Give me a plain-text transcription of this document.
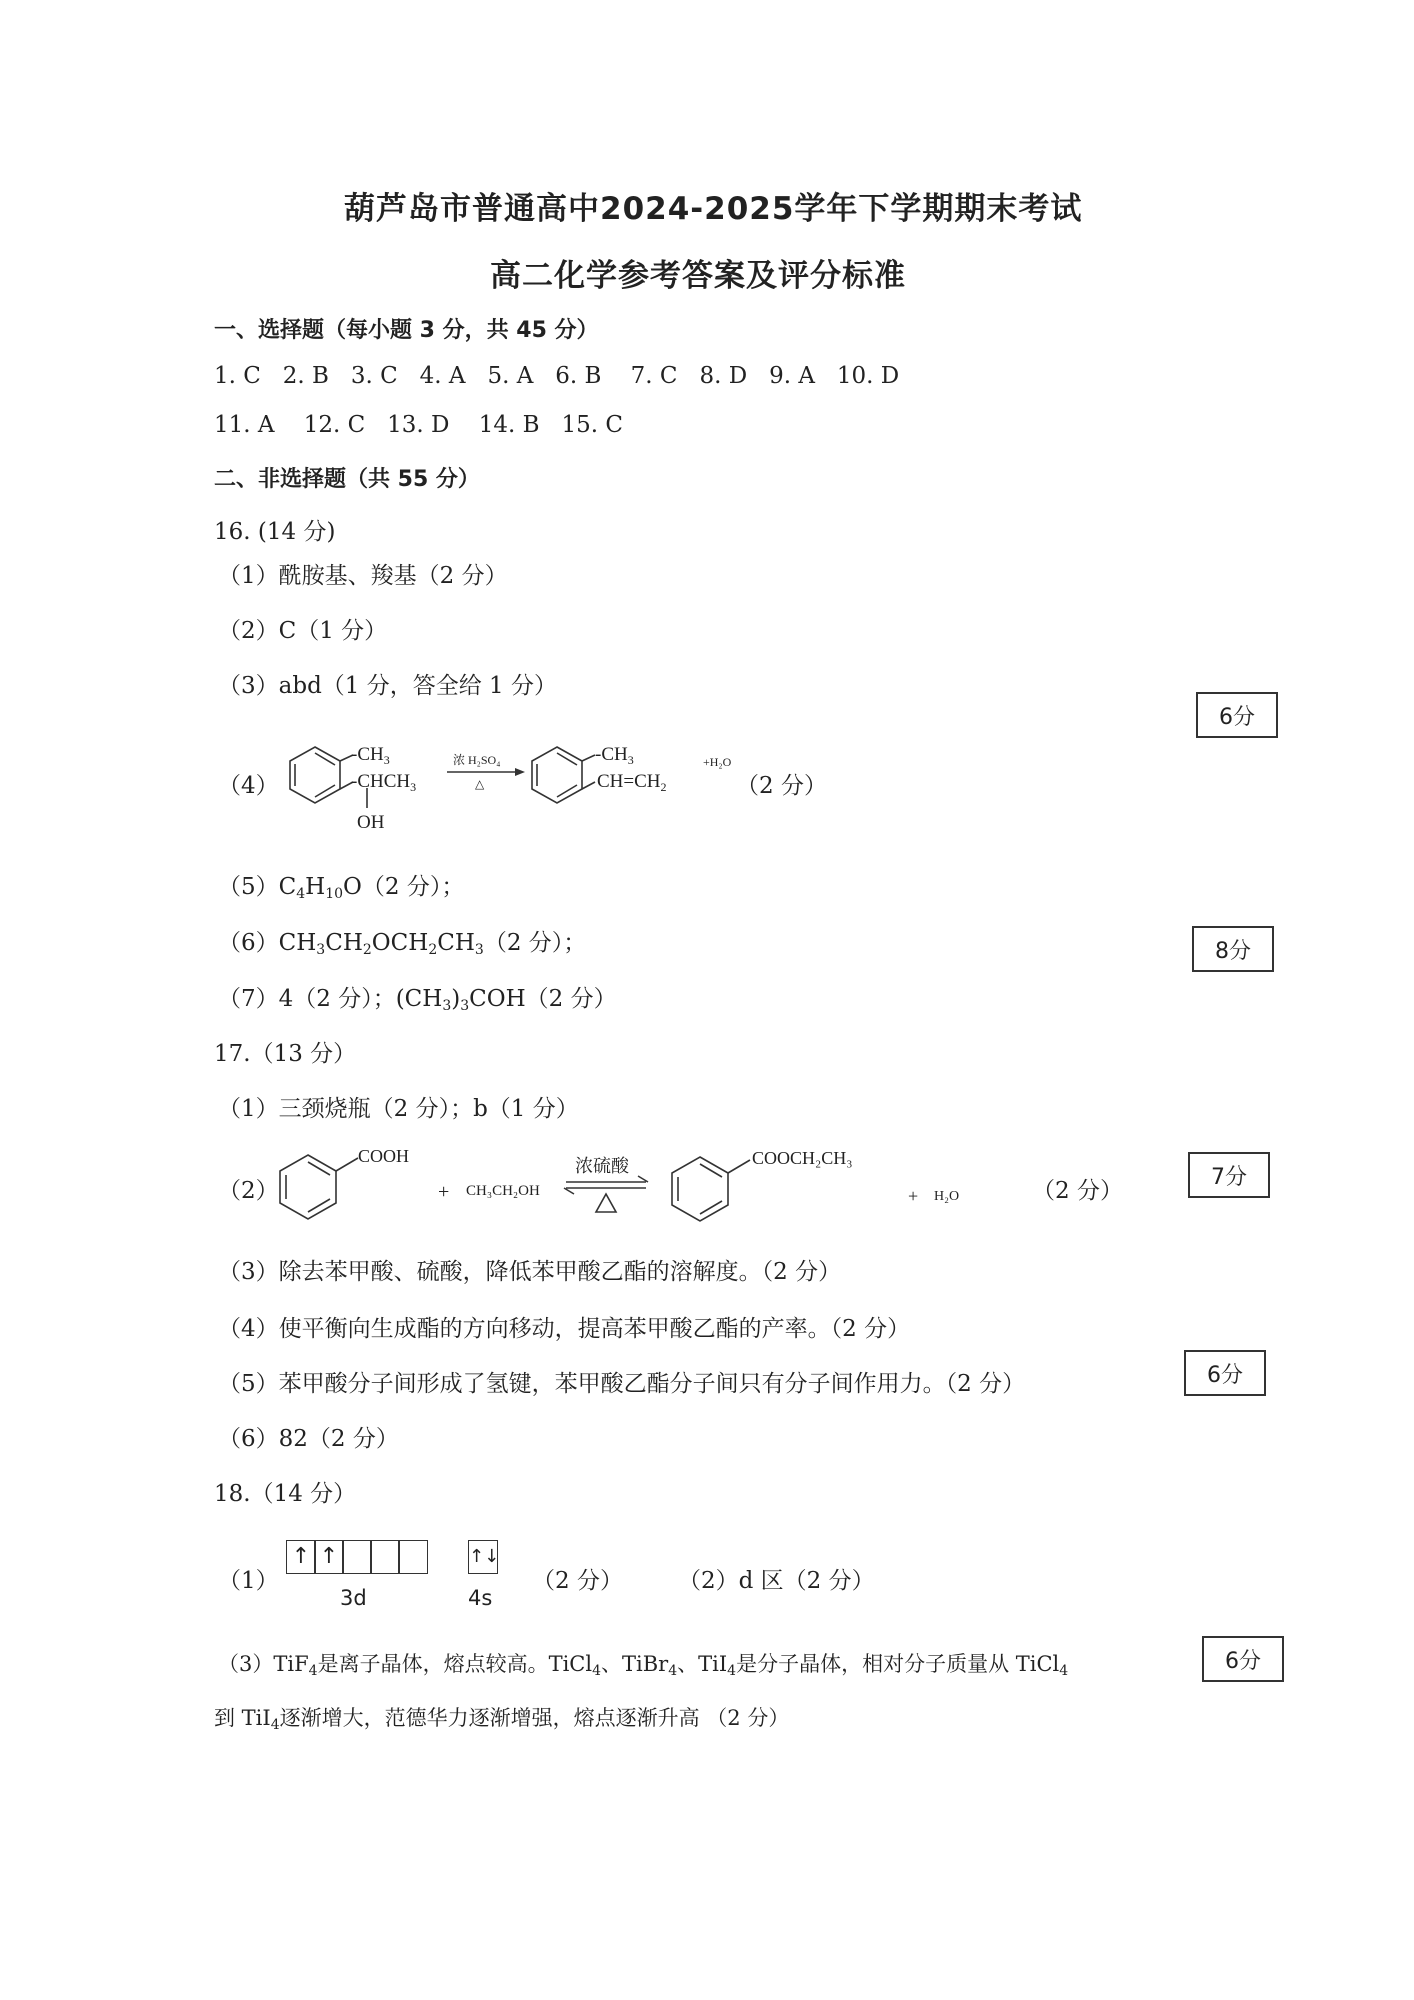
葫芦岛市普通高中2024-2025学年下学期期末考试
高二化学参考答案及评分标准
一、选择题（每小题 3 分，共 45 分）
1. C   2. B   3. C   4. A   5. A   6. B    7. C   8. D   9. A   10. D
11. A    12. C   13. D    14. B   15. C
二、非选择题（共 55 分）
16. (14 分)
（1）酰胺基、羧基（2 分）
（2）C（1 分）
（3）abd（1 分，答全给 1 分）
6分
（4）
$-CH_3$
$-CHCH_3$
OH
浓 H₂SO₄
△
$-CH_3$
$CH=CH_2$
+H₂O
（2 分）
$(5)C_4H_{10}O(2$ 分）；
$(6)CH_3CH_2OCH_2CH_3(2$ 分）；	8分
（7）4（2 分）；$(CH_3)_3COH(2$ 分）
17.（13 分）
（1）三颈烧瓶（2 分）；b（1 分）
（2）
COOH
+ CH₃CH₂OH
浓硫酸	COOCH₂CH₃
+ H₂O	（2 分）
7分
（3）除去苯甲酸、硫酸，降低苯甲酸乙酯的溶解度。（2 分）
（4）使平衡向生成酯的方向移动，提高苯甲酸乙酯的产率。（2 分）
（5）苯甲酸分子间形成了氢键，苯甲酸乙酯分子间只有分子间作用力。（2 分）	6分
（6）82（2 分）
18.（14 分）
（1）
↑ ↑
3d
↑↓
4s
（2 分） （2）d 区（2 分）
（3）TiF$_4$是离子晶体，熔点较高。TiCl$_4$、TiBr$_4$、TiI$_4$是分子晶体，相对分子质量从 TiCl$_4$	6分
到 TiI$_4$逐渐增大，范德华力逐渐增强，熔点逐渐升高 （2 分）
